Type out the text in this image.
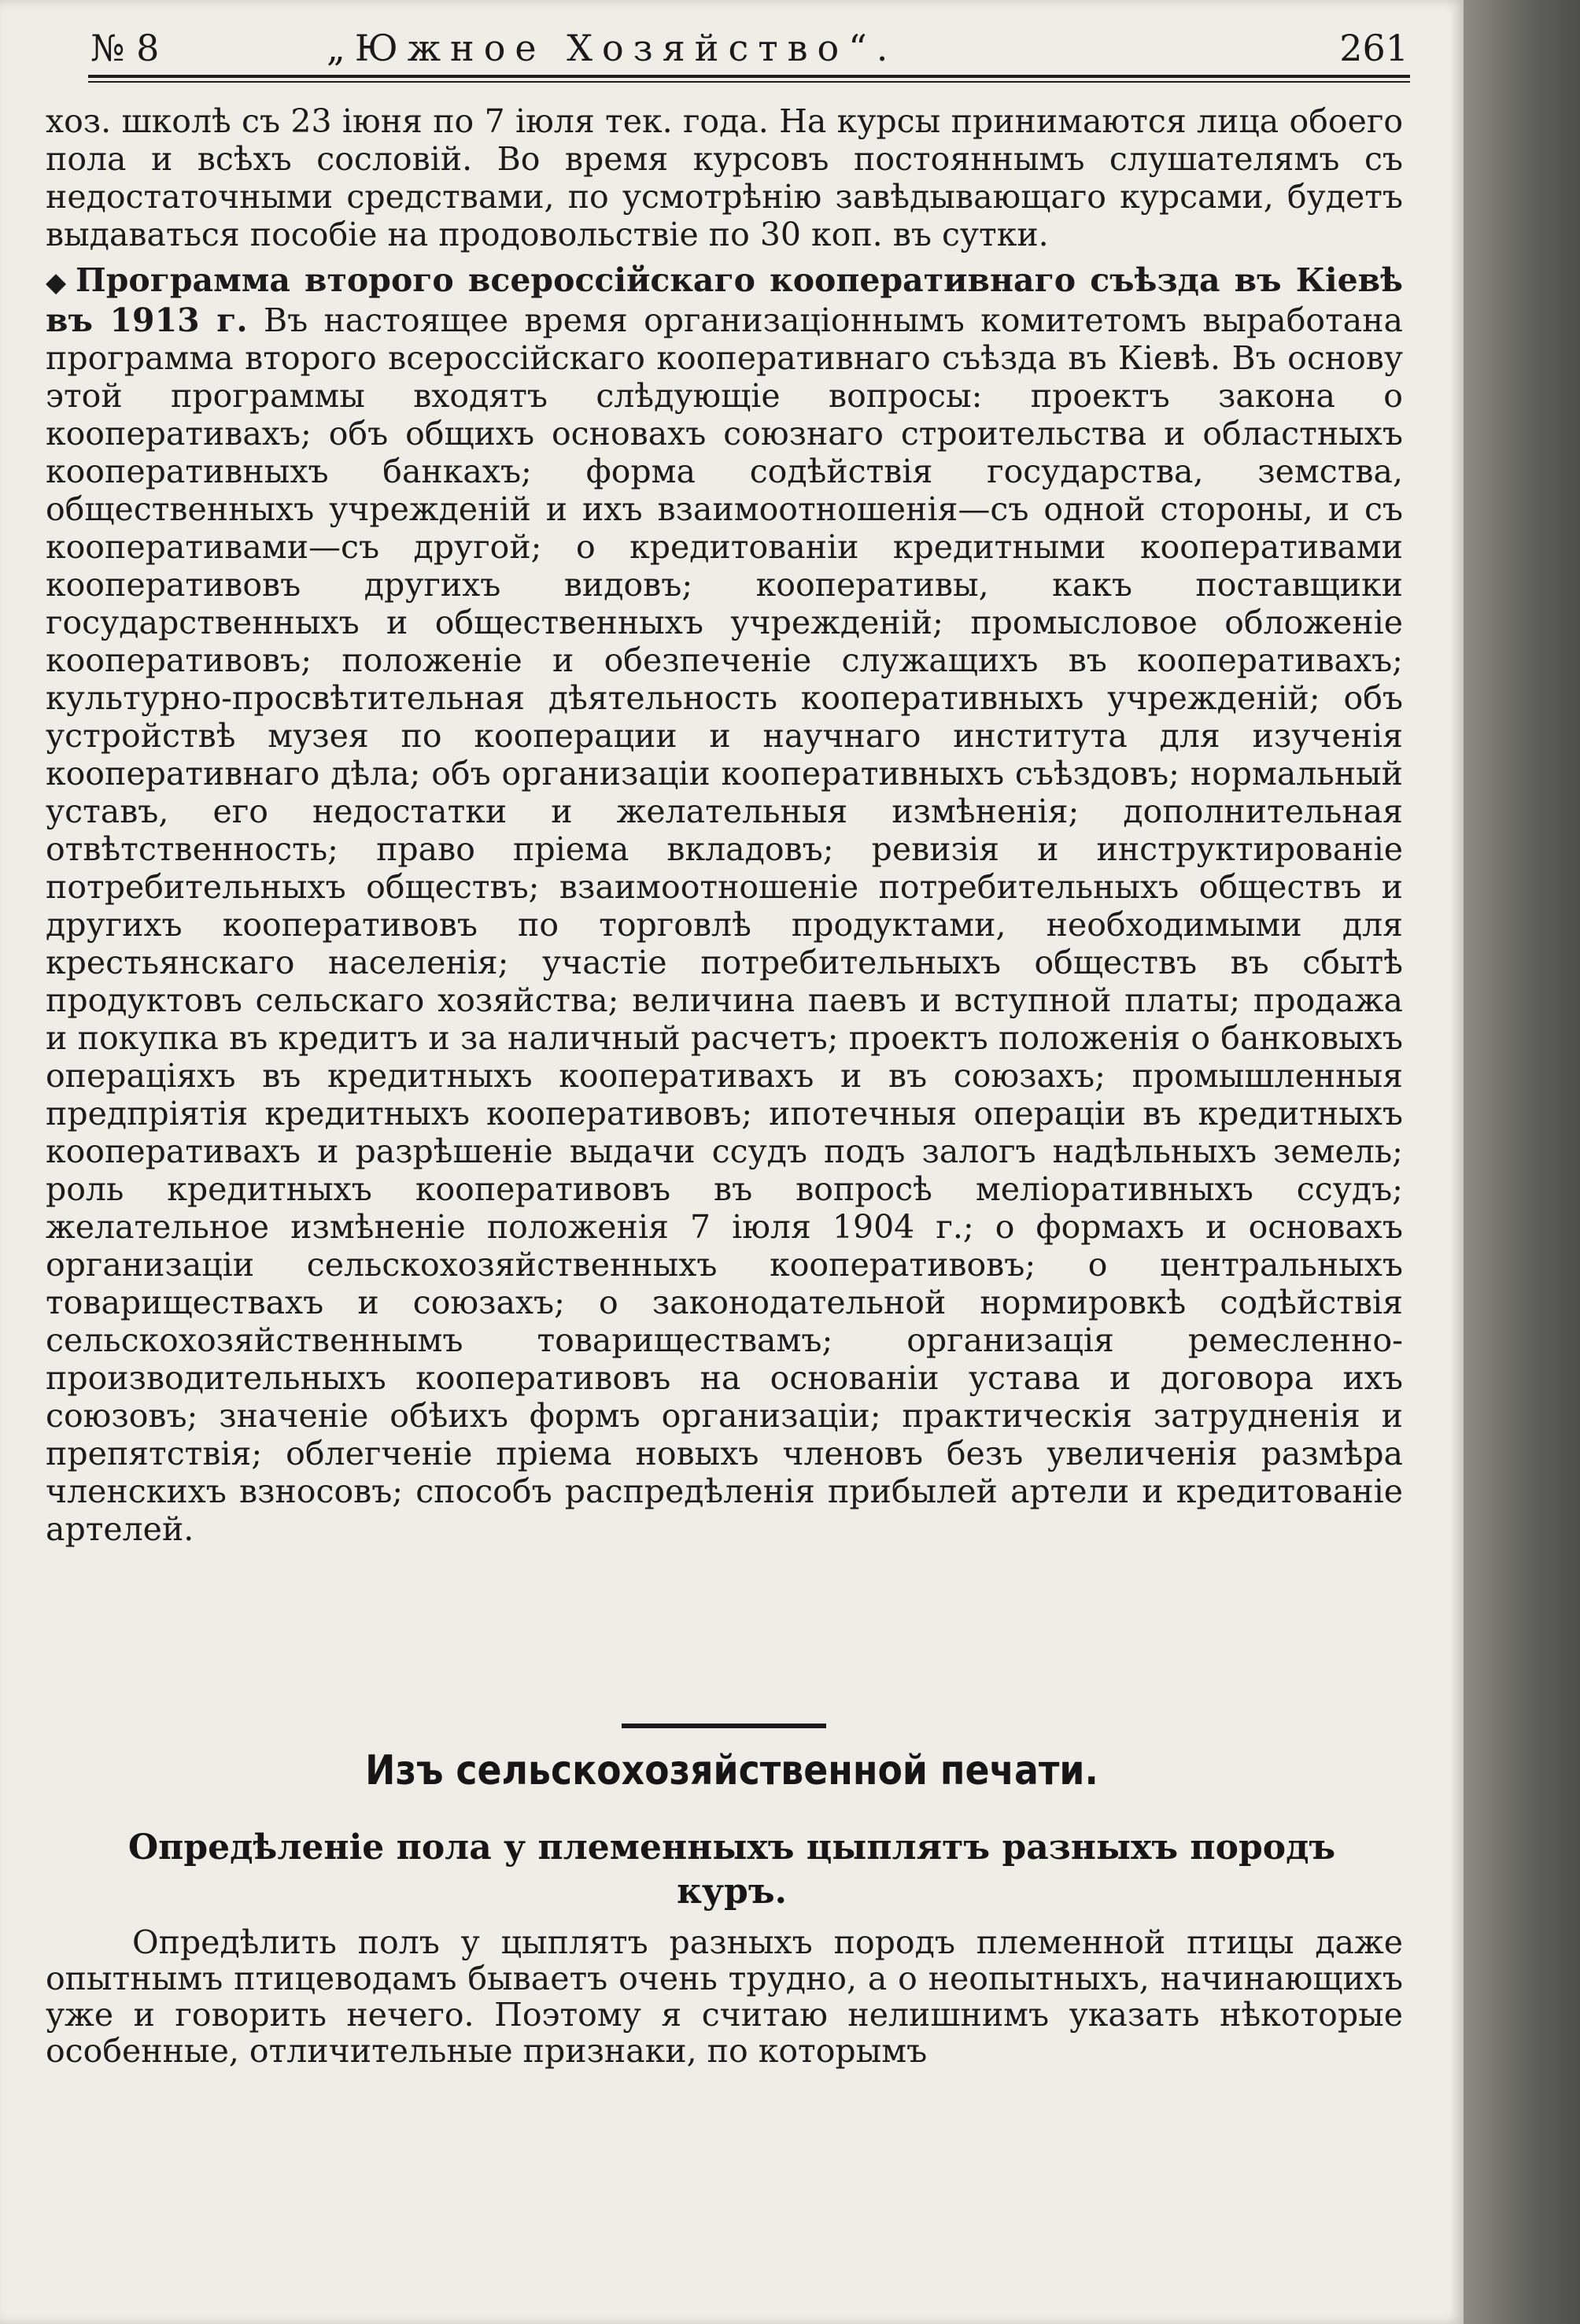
№ 8	„Южное Хозяйство“.	261

хоз. школѣ съ 23 іюня по 7 іюля тек. года. На курсы принимаются лица обоего пола и всѣхъ сословій. Во время курсовъ постояннымъ слушателямъ съ недостаточными средствами, по усмотрѣнію завѣдывающаго курсами, будетъ выдаваться пособіе на продовольствіе по 30 коп. въ сутки.

◆ Программа второго всероссійскаго кооперативнаго съѣзда въ Кіевѣ въ 1913 г. Въ настоящее время организаціоннымъ комитетомъ выработана программа второго всероссійскаго кооперативнаго съѣзда въ Кіевѣ. Въ основу этой программы входятъ слѣдующіе вопросы: проектъ закона о кооперативахъ; объ общихъ основахъ союзнаго строительства и областныхъ кооперативныхъ банкахъ; форма содѣйствія государства, земства, общественныхъ учрежденій и ихъ взаимоотношенія—съ одной стороны, и съ кооперативами—съ другой; о кредитованіи кредитными кооперативами кооперативовъ другихъ видовъ; кооперативы, какъ поставщики государственныхъ и общественныхъ учрежденій; промысловое обложеніе кооперативовъ; положеніе и обезпеченіе служащихъ въ кооперативахъ; культурно-просвѣтительная дѣятельность кооперативныхъ учрежденій; объ устройствѣ музея по кооперации и научнаго института для изученія кооперативнаго дѣла; объ организаціи кооперативныхъ съѣздовъ; нормальный уставъ, его недостатки и желательныя измѣненія; дополнительная отвѣтственность; право пріема вкладовъ; ревизія и инструктированіе потребительныхъ обществъ; взаимоотношеніе потребительныхъ обществъ и другихъ кооперативовъ по торговлѣ продуктами, необходимыми для крестьянскаго населенія; участіе потребительныхъ обществъ въ сбытѣ продуктовъ сельскаго хозяйства; величина паевъ и вступной платы; продажа и покупка въ кредитъ и за наличный расчетъ; проектъ положенія о банковыхъ операціяхъ въ кредитныхъ кооперативахъ и въ союзахъ; промышленныя предпріятія кредитныхъ кооперативовъ; ипотечныя операціи въ кредитныхъ кооперативахъ и разрѣшеніе выдачи ссудъ подъ залогъ надѣльныхъ земель; роль кредитныхъ кооперативовъ въ вопросѣ меліоративныхъ ссудъ; желательное измѣненіе положенія 7 іюля 1904 г.; о формахъ и основахъ организаціи сельскохозяйственныхъ кооперативовъ; о центральныхъ товариществахъ и союзахъ; о законодательной нормировкѣ содѣйствія сельскохозяйственнымъ товариществамъ; организація ремесленно-производительныхъ кооперативовъ на основаніи устава и договора ихъ союзовъ; значеніе обѣихъ формъ организаціи; практическія затрудненія и препятствія; облегченіе пріема новыхъ членовъ безъ увеличенія размѣра членскихъ взносовъ; способъ распредѣленія прибылей артели и кредитованіе артелей.

Изъ сельскохозяйственной печати.
Опредѣленіе пола у племенныхъ цыплятъ разныхъ породъ куръ.

Опредѣлить полъ у цыплятъ разныхъ породъ племенной птицы даже опытнымъ птицеводамъ бываетъ очень трудно, а о неопытныхъ, начинающихъ уже и говорить нечего. Поэтому я считаю нелишнимъ указать нѣкоторые особенные, отличительные признаки, по которымъ
